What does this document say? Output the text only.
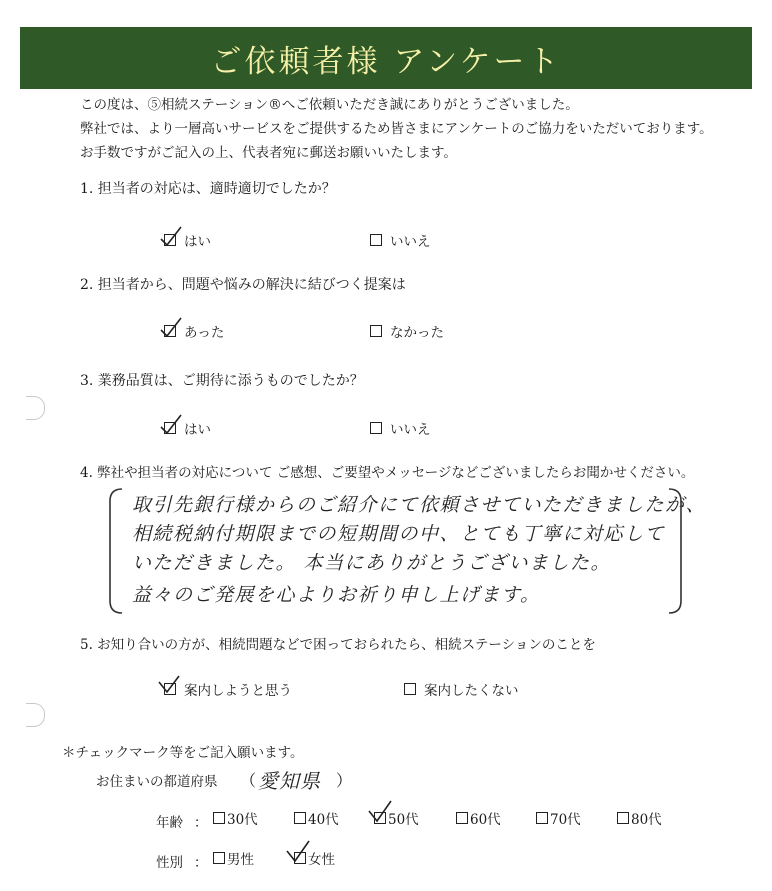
ご依頼者様 アンケート
この度は、⑤相続ステーション®へご依頼いただき誠にありがとうございました。
弊社では、より一層高いサービスをご提供するため皆さまにアンケートのご協力をいただいております。
お手数ですがご記入の上、代表者宛に郵送お願いいたします。
1. 担当者の対応は、適時適切でしたか？
はい	いいえ
2. 担当者から、問題や悩みの解決に結びつく提案は
あった	なかった
3. 業務品質は、ご期待に添うものでしたか？
はい	いいえ
4. 弊社や担当者の対応について ご感想、ご要望やメッセージなどございましたらお聞かせください。
取引先銀行様からのご紹介にて依頼させていただきましたが、
相続税納付期限までの短期間の中、とても丁寧に対応して
いただきました。 本当にありがとうございました。
益々のご発展を心よりお祈り申し上げます。
5. お知り合いの方が、相続問題などで困っておられたら、相続ステーションのことを
案内しようと思う	案内したくない
＊チェックマーク等をご記入願います。
お住まいの都道府県 （ 愛知県 ）
年齢 ： 30代	40代	50代	60代	70代	80代
性別 ： 男性	女性
